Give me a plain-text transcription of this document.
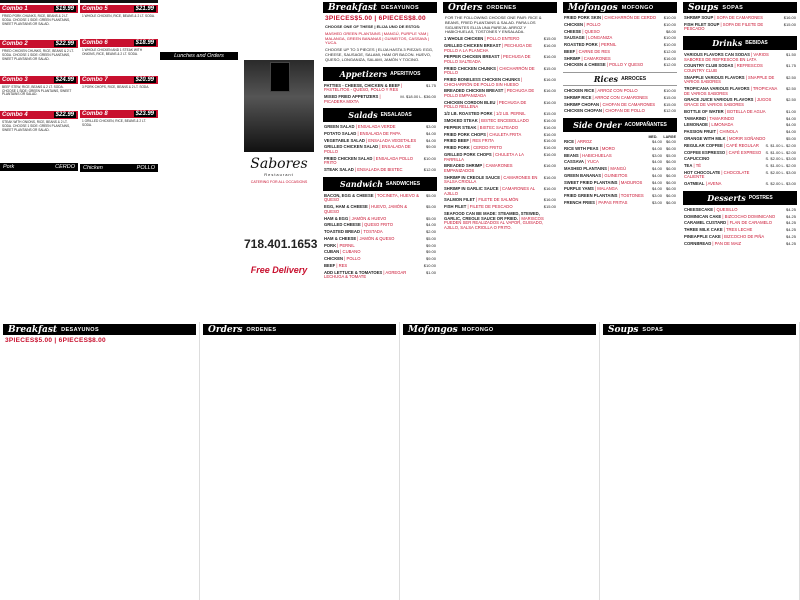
Combo 1	$19.99
FRIED PORK CHUNKS, RICE, BEANS & 2 LT. SODA. CHOOSE 1 SIDE: GREEN PLANTAINS, SWEET PLANTAINS OR SALAD.
Combo 2	$22.99
FRIED CHICKEN CHUNKS, RICE, BEANS & 2 LT. SODA. CHOOSE 1 SIDE: GREEN PLANTAINS, SWEET PLANTAINS OR SALAD.
Combo 3	$24.99
BEEF STEW, RICE, BEANS & 2 LT. SODA. CHOOSE 1 SIDE: GREEN PLANTAINS, SWEET PLANTAINS OR SALAD.
Combo 4	$22.99
STEAK WITH ONIONS, RICE, BEANS & 2 LT. SODA. CHOOSE 1 SIDE: GREEN PLANTAINS, SWEET PLANTAINS OR SALAD.
Pork	CERDO
Combo 5	$21.99
1 WHOLE CHICKEN, RICE, BEANS & 2 LT. SODA.
Combo 6	$18.99
1 WHOLE CHICKEN AND 1 STEAK WITH ONIONS, RICE, BEANS & 2 LT. SODA.
Combo 7	$20.99
3 PORK CHOPS, RICE, BEANS & 2 LT. SODA.
Combo 8	$23.99
1 GRILLED CHICKEN, RICE, BEANS & 2 LT. SODA.
Chicken	POLLO
Lunches and Orders
Sabores
Restaurant
CATERING FOR ALL OCCASIONS
718.401.1653
Free Delivery
Breakfast DESAYUNOS
3PIECES$5.00 | 6PIECES$8.00
CHOOSE ONE OF THESE | ELIJA UNO DE ESTOS:
MASHED GREEN PLANTAINS | MANGÚ, PURPLE YAM | MALANGA, GREEN BANANAS | GUINEITOS, CASSAVA | YUCA.
CHOOSE UP TO 3 PIECES | ELIJA HASTA 3 PIEZAS: EGG, CHEESE, SAUSAGE, SALAMI, HAM OR BACON. HUEVO, QUESO, LONGANIZA, SALAMI, JAMÓN Y TOCINO.
Appetizers APERITIVOS
PATTIES - CHEESE, CHICKEN & BEEF | PASTELITOS - QUESO, POLLO Y RES
$1.75
MIXED FRIED APPETIZERS | PICADERA MIXTA
M. $18.00 L. $36.00
Salads ENSALADAS
GREEN SALAD | ENSALADA VERDE	$3.00
POTATO SALAD | ENSALADA DE PAPA	$4.00
VEGETABLE SALAD | ENSALADA VEGETALES	$4.00
GRILLED CHICKEN SALAD | ENSALADA DE POLLO
$9.00
FRIED CHICKEN SALAD | ENSALADA POLLO FRITO
$10.00
STEAK SALAD | ENSALADA DE BISTEC	$12.00
Sandwich SANDWICHES
BACON, EGG & CHEESE | TOCINETA, HUEVO & QUESO
$5.00
EGG, HAM & CHEESE | HUEVO, JAMÓN & QUESO
$5.00
HAM & EGG | JAMÓN & HUEVO	$5.00
GRILLED CHEESE | QUESO FRITO	$4.00
TOASTED BREAD | TOSTADA	$2.00
HAM & CHEESE | JAMÓN & QUESO	$5.00
PORK | PERNIL	$9.00
CUBAN | CUBANO	$9.00
CHICKEN | POLLO	$9.00
BEEF | RES	$10.00
ADD LETTUCE & TOMATOES | AGREGAR LECHUGA & TOMATE
$1.00
Orders ORDENES
FOR THE FOLLOWING CHOOSE ONE PAIR: RICE & BEANS, FRIED PLANTAINS & SALAD. PARA LOS SIGUIENTES ELIJA UNA PAREJA: ARROZ Y HABICHUELAS, TOSTONES Y ENSALADA.
1 WHOLE CHICKEN | POLLO ENTERO	$15.00
GRILLED CHICKEN BREAST | PECHUGA DE POLLO A LA PLANCHA
$16.00
PEPPER CHICKEN BREAST | PECHUGA DE POLLO SALTEADA
$16.00
FRIED CHICKEN CHUNKS | CHICHARRÓN DE POLLO
$15.00
FRIED BONELESS CHICKEN CHUNKS | CHICHARRÓN DE POLLO SIN HUESO
$16.00
BREADED CHICKEN BREAST | PECHUGA DE POLLO EMPANIZADA
$16.00
CHICKEN CORDON BLEU | PECHUGA DE POLLO RELLENA
$16.00
1/2 LB. ROASTED PORK | 1/2 LB. PERNIL	$15.00
SMOKED STEAK | BISTEC ENCEBOLLADO	$16.00
PEPPER STEAK | BISTEC SALTEADO	$16.00
FRIED PORK CHOPS | CHULETA FRITA	$16.00
FRIED BEEF | RES FRITA	$16.00
FRIED PORK | CERDO FRITO	$16.00
GRILLED PORK CHOPS | CHULETA A LA PARRILLA
$16.00
BREADED SHRIMP | CAMARONES EMPANIZADOS
$16.00
SHRIMP IN CREOLE SAUCE | CAMARONES EN SALSA CRIOLLA
$16.00
SHRIMP IN GARLIC SAUCE | CAMARONES AL AJILLO
$16.00
SALMON FILET | FILETE DE SALMÓN	$16.00
FISH FILET | FILETE DE PESCADO	$15.00
SEAFOOD CAN BE MADE: STEAMED, STEWED, GARLIC, CREOLE SAUCE OR FRIED. | MARISCOS PUEDEN SER REALIZADOS AL VAPOR, GUISADO, AJILLO, SALSA CRIOLLA O FRITO.
Mofongos MOFONGO
FRIED PORK SKIN | CHICHARRÓN DE CERDO	$10.00
CHICKEN | POLLO	$10.00
CHEESE | QUESO	$8.00
SAUSAGE | LONGANIZA	$10.00
ROASTED PORK | PERNIL	$10.00
BEEF | CARNE DE RES	$12.00
SHRIMP | CAMARONES	$16.00
CHICKEN & CHEESE | POLLO Y QUESO	$12.00
Rices ARROCES
CHICKEN RICE | ARROZ CON POLLO	$10.00
SHRIMP RICE | ARROZ CON CAMARONES	$15.00
SHRIMP CHOFAN | CHOFAN DE CAMARONES	$15.00
CHICKEN CHOFAN | CHOFAN DE POLLO	$12.00
Side Order ACOMPAÑANTES
MED. LARGE
RICE | ARROZ	$4.00 $6.00
RICE WITH PEAS | MORO	$4.00 $6.00
BEANS | HABICHUELAS	$3.00 $5.00
CASSAVA | YUCA	$4.00 $6.00
MASHED PLANTAINS | MANGÚ	$4.00 $6.00
GREEN BANANAS | GUINEITOS	$4.00 $6.00
SWEET FRIED PLANTAINS | MADUROS	$4.00 $6.00
PURPLE YAMS | MALANGA	$4.00 $6.00
FRIED GREEN PLANTAINS | TOSTONES	$3.00 $6.00
FRENCH FRIES | PAPAS FRITAS	$3.00 $6.00
Soups SOPAS
SHRIMP SOUP | SOPA DE CAMARONES	$16.00
FISH FILET SOUP | SOPA DE FILETE DE PESCADO
$15.00
Drinks BEBIDAS
VARIOUS FLAVORS CAN SODAS | VARIOS SABORES DE REFRESCOS EN LATA
$1.50
COUNTRY CLUB SODAS | REFRESCOS COUNTRY CLUB
$1.75
SNAPPLE VARIOUS FLAVORS | SNAPPLE DE VARIOS SABORES
$2.50
TROPICANA VARIOUS FLAVORS | TROPICANA DE VARIOS SABORES
$2.50
GRACE JUICE VARIOUS FLAVORS | JUGOS GRACE DE VARIOS SABORES
$2.50
BOTTLE OF WATER | BOTELLA DE AGUA	$1.00
TAMARIND | TAMARINDO	$4.00
LEMONADE | LIMONADA	$4.00
PASSION FRUIT | CHINOLA	$4.00
ORANGE WITH MILK | MORIR SOÑANDO	$5.00
REGULAR COFFEE | CAFÉ REGULAR	S. $1.00 L. $2.00
COFFEE ESPRESSO | CAFÉ EXPRESO	S. $1.00 L. $2.00
CAPUCCINO	S. $2.00 L. $3.00
TEA | TÉ	S. $1.00 L. $2.00
HOT CHOCOLATE | CHOCOLATE CALIENTE
S. $2.00 L. $3.00
OATMEAL | AVENA	S. $2.00 L. $3.00
Desserts POSTRES
CHEESECAKE | QUESILLO	$4.25
DOMINICAN CAKE | BIZCOCHO DOMINICANO	$4.25
CARAMEL CUSTARD | FLAN DE CARAMELO	$4.25
THREE MILK CAKE | TRES LECHE	$4.25
PINEAPPLE CAKE | BIZCOCHO DE PIÑA	$4.25
CORNBREAD | PAN DE MAIZ	$4.25
Breakfast DESAYUNOS
3PIECES$5.00 | 6PIECES$8.00
Orders ORDENES	Mofongos MOFONGO	Soups SOPAS
